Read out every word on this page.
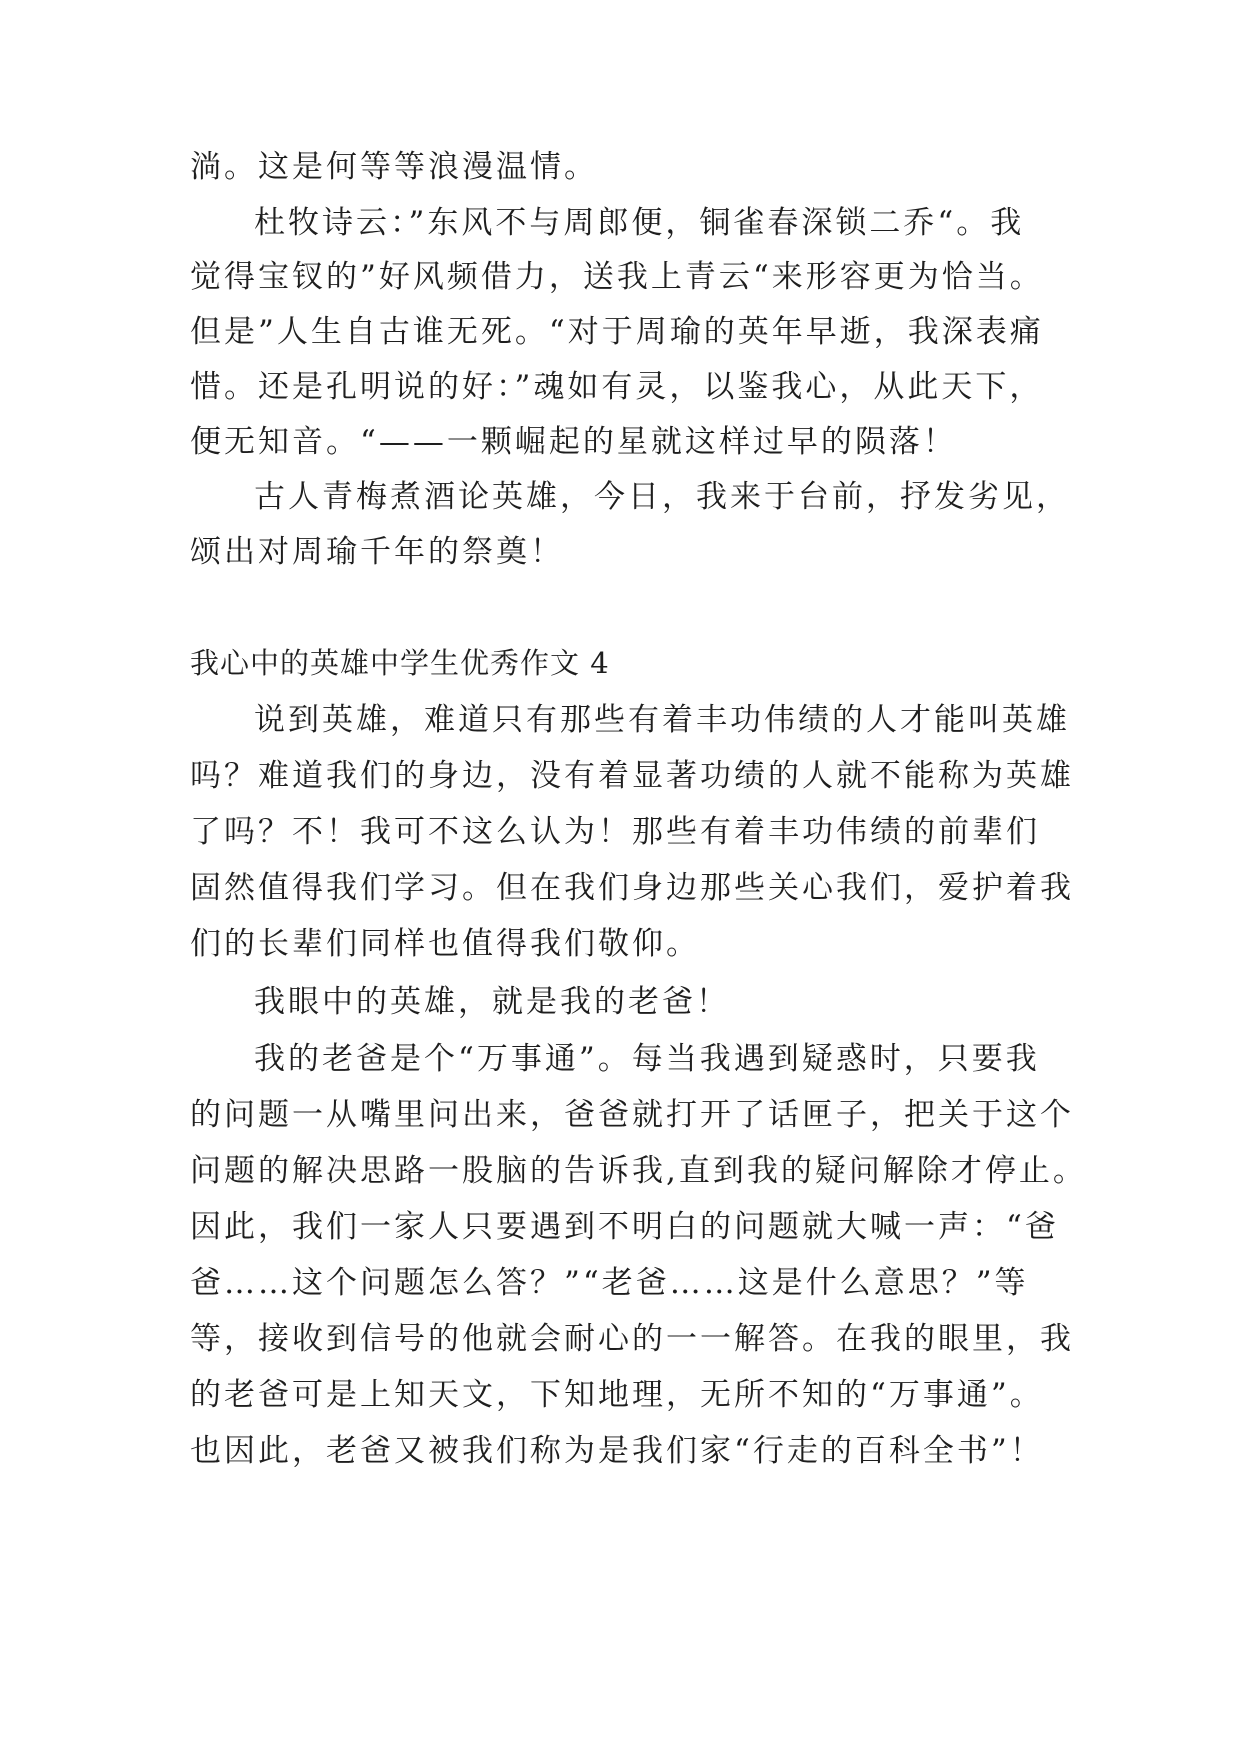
淌。这是何等等浪漫温情。
杜牧诗云：”东风不与周郎便，铜雀春深锁二乔“。我
觉得宝钗的”好风频借力，送我上青云“来形容更为恰当。
但是”人生自古谁无死。“对于周瑜的英年早逝，我深表痛
惜。还是孔明说的好：”魂如有灵，以鉴我心，从此天下，
便无知音。“——一颗崛起的星就这样过早的陨落！
古人青梅煮酒论英雄，今日，我来于台前，抒发劣见，
颂出对周瑜千年的祭奠！
我心中的英雄中学生优秀作文 4
说到英雄，难道只有那些有着丰功伟绩的人才能叫英雄
吗？难道我们的身边，没有着显著功绩的人就不能称为英雄
了吗？不！我可不这么认为！那些有着丰功伟绩的前辈们
固然值得我们学习。但在我们身边那些关心我们，爱护着我
们的长辈们同样也值得我们敬仰。
我眼中的英雄，就是我的老爸！
我的老爸是个“万事通”。每当我遇到疑惑时，只要我
的问题一从嘴里问出来，爸爸就打开了话匣子，把关于这个
问题的解决思路一股脑的告诉我,直到我的疑问解除才停止。
因此，我们一家人只要遇到不明白的问题就大喊一声：“爸
爸……这个问题怎么答？”“老爸……这是什么意思？”等
等，接收到信号的他就会耐心的一一解答。在我的眼里，我
的老爸可是上知天文，下知地理，无所不知的“万事通”。
也因此，老爸又被我们称为是我们家“行走的百科全书”！
